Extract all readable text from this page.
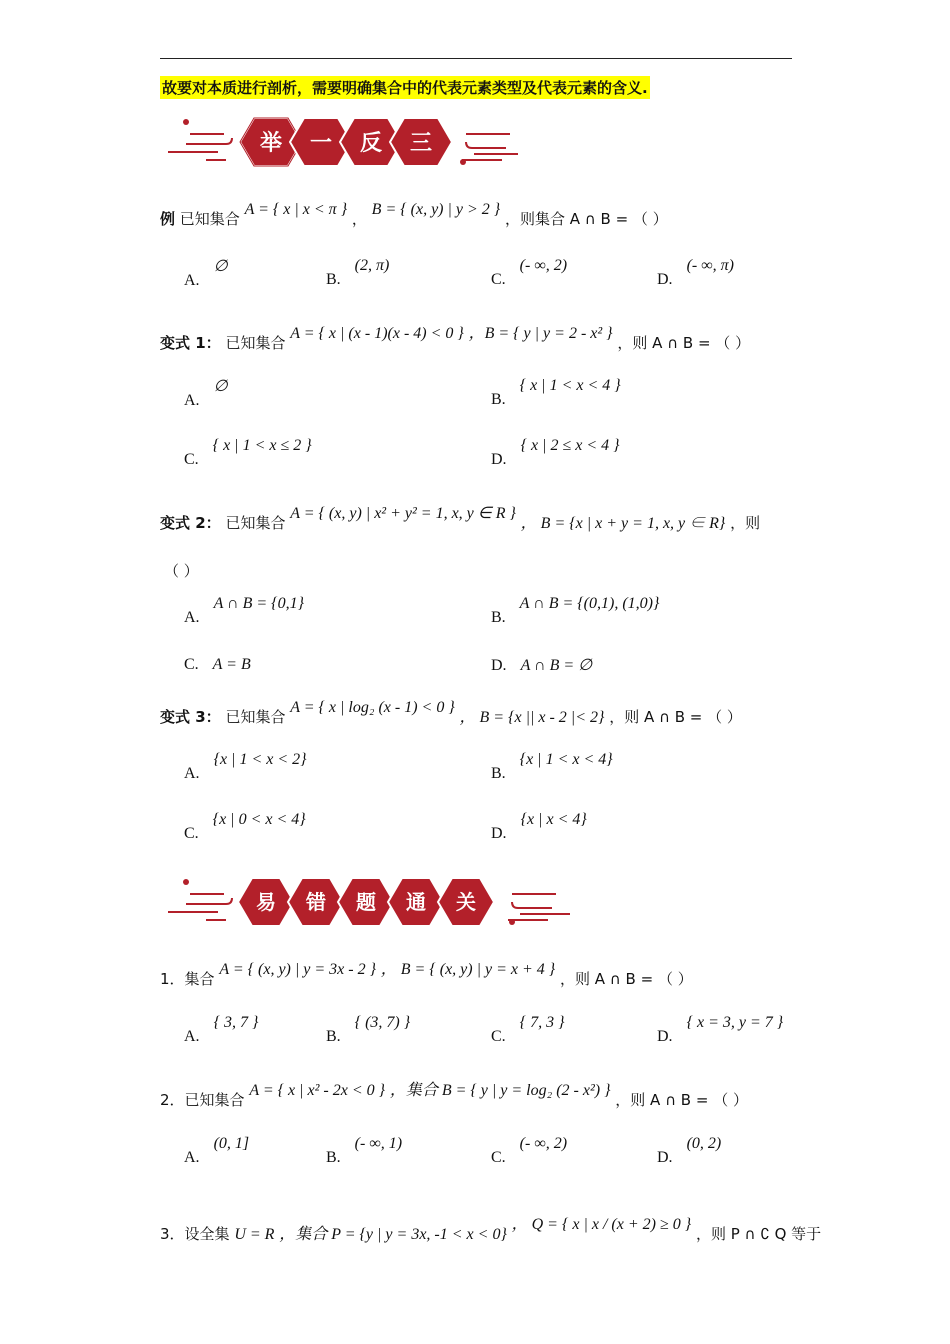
故要对本质进行剖析，需要明确集合中的代表元素类型及代表元素的含义.
举 一 反 三
例 已知集合 A = { x | x < π } ， B = { (x, y) | y > 2 } ，则集合 A ∩ B = （ ）
A.∅
B.(2, π)
C.(- ∞, 2)
D.(- ∞, π)
变式 1： 已知集合 A = { x | (x - 1)(x - 4) < 0 } ，B = { y | y = 2 - x² } ，则 A ∩ B = （ ）
A.∅
B.{ x | 1 < x < 4 }
C.{ x | 1 < x ≤ 2 }
D.{ x | 2 ≤ x < 4 }
变式 2： 已知集合 A = { (x, y) | x² + y² = 1, x, y ∈ R } ， B = {x | x + y = 1, x, y ∈ R} ，则
（ ）
A.A ∩ B = {0,1}
B.A ∩ B = {(0,1), (1,0)}
C. A = B	D. A ∩ B = ∅
变式 3： 已知集合 A = { x | log₂ (x - 1) < 0 } ， B = {x || x - 2 |< 2} ，则 A ∩ B = （ ）
A.{x | 1 < x < 2}
B.{x | 1 < x < 4}
C.{x | 0 < x < 4}
D.{x | x < 4}
易 错 题 通 关
1．集合 A = { (x, y) | y = 3x - 2 } ， B = { (x, y) | y = x + 4 } ，则 A ∩ B = （ ）
A.{ 3, 7 }
B.{ (3, 7) }
C.{ 7, 3 }
D.{ x = 3, y = 7 }
2．已知集合 A = { x | x² - 2x < 0 } ，集合 B = { y | y = log₂ (2 - x²) } ，则 A ∩ B = （ ）
A.(0, 1]
B.(- ∞, 1)
C.(- ∞, 2)
D.(0, 2)
3．设全集 U = R ，集合 P = {y | y = 3x, -1 < x < 0} ， Q = { x | x / (x + 2) ≥ 0 } ，则 P ∩ ∁ Q 等于
